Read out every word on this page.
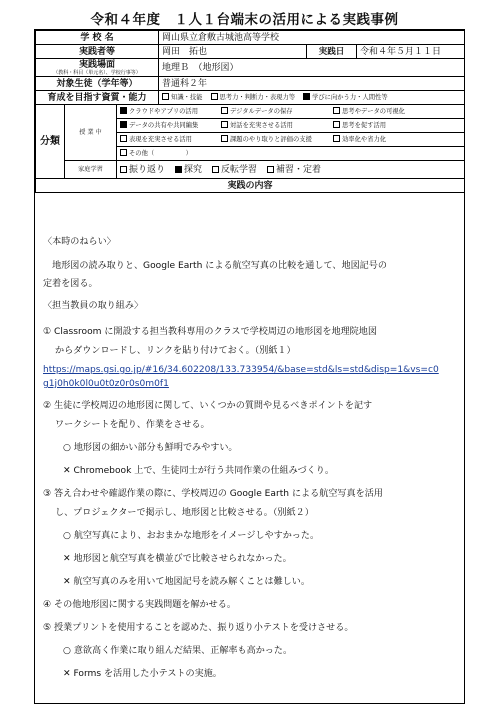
令和４年度　１人１台端末の活用による実践事例
学 校 名			岡山県立倉敷古城池高等学校		
実践者等			岡田　拓也	実践日	令和４年５月１１日
実践場面
（教科・科目（単元名）、学校行事等）			地理Ｂ　（地形図）		
対象生徒（学年等）			普通科２年		
育成を目指す資質・能力			知識・技能 思考力・判断力・表現力等 学びに向かう力・人間性等		
分類	授 業 中	クラウドやアプリの活用 デジタルデータの保存 思考やデータの可視化			
		データの共有や共同編集 対話を充実させる活用 思考を促す活用			
		表現を充実させる活用 課題のやり取りと評価の支援 効率化や省力化			
		その他（　　　　　）			
	家庭学習	振り返り 探究 反転学習 補習・定着			
実践の内容					
〈本時のねらい〉
　地形図の読み取りと、Google Earth による航空写真の比較を通して、地図記号の
定着を図る。
〈担当教員の取り組み〉
① Classroom に開設する担当教科専用のクラスで学校周辺の地形図を地理院地図
　 からダウンロードし、リンクを貼り付けておく。（別紙１）
https://maps.gsi.go.jp/#16/34.602208/133.733954/&base=std&ls=std&disp=1&vs=c0
g1j0h0k0l0u0t0z0r0s0m0f1
② 生徒に学校周辺の地形図に関して、いくつかの質問や見るべきポイントを記す
　 ワークシートを配り、作業をさせる。
○ 地形図の細かい部分も鮮明でみやすい。
✕ Chromebook 上で、生徒同士が行う共同作業の仕組みづくり。
③ 答え合わせや確認作業の際に、学校周辺の Google Earth による航空写真を活用
　 し、プロジェクターで掲示し、地形図と比較させる。（別紙２）
○ 航空写真により、おおまかな地形をイメージしやすかった。
✕ 地形図と航空写真を横並びで比較させられなかった。
✕ 航空写真のみを用いて地図記号を読み解くことは難しい。
④ その他地形図に関する実践問題を解かせる。
⑤ 授業プリントを使用することを認めた、振り返り小テストを受けさせる。
○ 意欲高く作業に取り組んだ結果、正解率も高かった。
✕ Forms を活用した小テストの実施。
